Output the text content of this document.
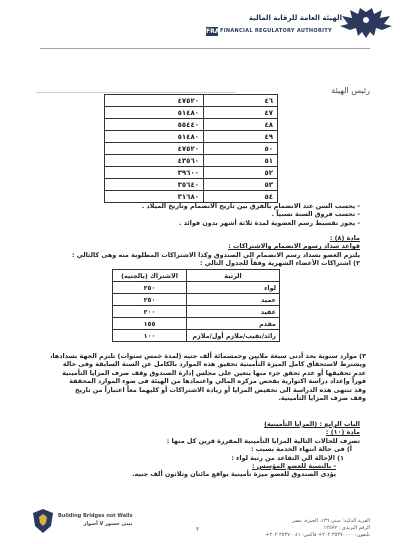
الهيئة العامة للرقابة المالية
FRA FINANCIAL REGULATORY AUTHORITY
رئيس الهيئة
٤٧٥٢٠	٤٦
٥١٤٨٠	٤٧
٥٥٤٤٠	٤٨
٥١٤٨٠	٤٩
٤٧٥٢٠	٥٠
٤٣٥٦٠	٥١
٣٩٦٠٠	٥٢
٣٥٦٤٠	٥٣
٣١٦٨٠	٥٤
- يحسب السن عند الانضمام بالفرق بين تاريخ الانضمام وتاريخ الميلاد .
- تحسب فروق السنة نسبياً .
- يجوز تقسيط رسم العضوية لمدة ثلاثة أشهر بدون فوائد .
مادة (٨) :
قواعد سداد رسوم الانضمام والاشتراكات :
يلتزم العضو بسداد رسم الانضمام الي الصندوق وكذا الاشتراكات المطلوبة منه وهى كالتالي :
٢) اشتراكات الأعضاء الشهرية وفقاً للجدول التالي :
الاشتراك (بالجنيه)	الرتبة
٢٥٠	لواء
٢٥٠	عميد
٢٠٠	عقيد
١٥٥	مقدم
١٠٠	رائد/نقيب/ملازم أول/ملازم
٣) موارد سنوية بحد أدنى سبعة ملايين وخمسمائة ألف جنيه (لمدة خمس سنوات) تلتزم الجهة بسدادها،
ويشترط لاستحقاق كامل الميزة التأمينية تحقيق هذه الموارد بالكامل عن السنة السابقة وفى حالة
عدم تحقيقها أو عدم تحقق جزء منها يتعين على مجلس إدارة الصندوق وقف صرف المزايا التأمينية
فوراً وإعداد دراسة اكتوارية بفحص مركزه المالي واعتمادها من الهيئة فى ضوء الموارد المحققة
وقد تنتهى هذه الدراسة الى تخفيض المزايا أو زيادة الاشتراكات أو كليهما معاً اعتباراً من تاريخ
وقف صرف المزايا التأمينية.
الباب الرابع : (المزايا التأمينية)
مادة (١٠) :
تصرف للحالات التالية المزايا التأمينية المقررة قرين كل منها :
أ) فى حالة انتهاء الخدمة بسبب :
١) الإحالة الي التقاعد من رتبة لواء :
- بالنسبة للعضو المؤسس :
يؤدى الصندوق للعضو ميزة تأمينية بواقع مائتان وثلاثون ألف جنيه.
Building Bridges not Walls
نبنى جسور لا أسوار
٢
القرية الذكية: مبنى ١٣٦، الجيزة، مصر
الرقم البريدي : ١٢٥٧٧
تليفون: ٣٥٣٧٠٠٠٠ ٢٠٢+ فاكس: ٣٥٣٧٠٠٤١ ٢٠٢+
